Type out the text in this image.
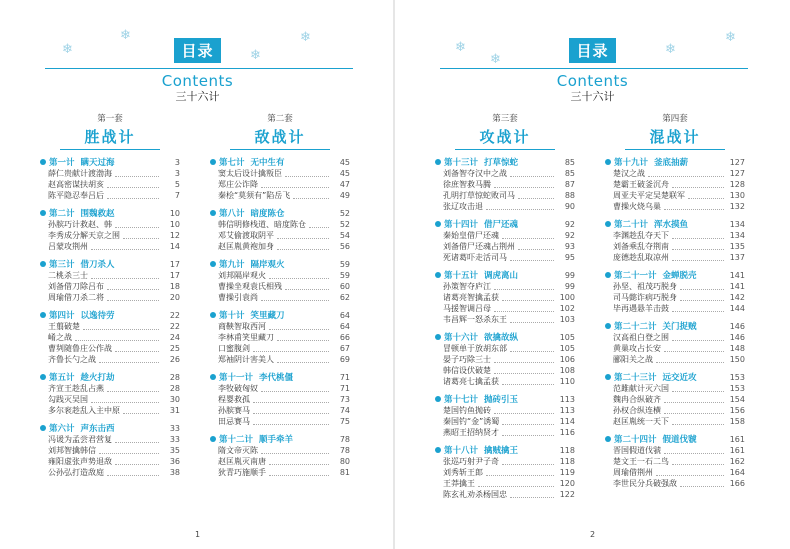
目录
Contents
三十六计
❄
❄
❄
❄
第一套
胜战计
第一计 瞒天过海	3
薛仁贵献计渡渤海	3
赵高密谋扶胡亥	5
陈平隐忍奉吕后	7
第二计 围魏救赵	10
孙膑巧计救赵、韩	10
李秀成分解天京之围	12
吕蒙攻荆州	14
第三计 借刀杀人	17
二桃杀三士	17
刘备借刀除吕布	18
周瑜借刀杀二将	20
第四计 以逸待劳	22
王翦破楚	22
崤之战	24
曹刿随鲁庄公作战	25
齐鲁长勺之战	26
第五计 趁火打劫	28
齐宣王趁乱占燕	28
勾践灭吴国	30
多尔衮趁乱入主中原	31
第六计 声东击西	33
冯谖为孟尝君营复	33
刘邦智擒韩信	35
雍阳虚张声势退敌	36
公孙弘打造敌庭	38
第二套
敌战计
第七计 无中生有	45
窦太后设计擒叛臣	45
郑庄公诈降	47
秦桧“莫须有”陷岳飞	49
第八计 暗度陈仓	52
韩信明修栈道、暗度陈仓	52
邓艾偷渡取阴平	54
赵匡胤黄袍加身	56
第九计 隔岸观火	59
刘邦隔岸观火	59
曹操坐观袁氏相残	60
曹操引袁尚	62
第十计 笑里藏刀	64
商鞅智取西河	64
李林甫笑里藏刀	66
口蜜腹剑	67
郑袖阴计害美人	69
第十一计 李代桃僵	71
李牧破匈奴	71
程婴救孤	73
孙膑赛马	74
田忌赛马	75
第十二计 顺手牵羊	78
隋文帝灭陈	78
赵匡胤灭南唐	80
狄青巧施顺手	81
1
目录
Contents
三十六计
❄
❄
❄
❄
第三套
攻战计
第十三计 打草惊蛇	85
刘备智夺汉中之战	85
徐庶智救马腾	87
孔明打草惊蛇败司马	88
张辽攻击退	90
第十四计 借尸还魂	92
秦始皇借尸还魂	92
刘备借尸还魂占荆州	93
死诸葛吓走活司马	95
第十五计 调虎离山	99
孙策智夺庐江	99
诸葛亮智擒孟获	100
马援智调吕母	102
韦昌辉一怒杀东王	103
第十六计 欲擒故纵	105
冒顿单于放胡东部	105
晏子巧除三士	106
韩信设伏破楚	108
诸葛亮七擒孟获	110
第十七计 抛砖引玉	113
楚国钓鱼抛砖	113
秦国钓“金”诱蜀	114
燕昭王招纳贤才	116
第十八计 擒贼擒王	118
张巡巧射尹子奇	118
刘秀斩王郎	119
王莽擒王	120
陈玄礼劝杀杨国忠	122
第四套
混战计
第十九计 釜底抽薪	127
楚汉之战	127
楚霸王破釜沉舟	128
周亚夫平定吴楚联军	130
曹操火烧乌巢	132
第二十计 浑水摸鱼	134
李渊趁乱夺天下	134
刘备乘乱夺荆南	135
庞德趁乱取凉州	137
第二十一计 金蝉脱壳	141
孙坚、祖茂巧脱身	141
司马懿诈病巧脱身	142
毕再遇悬羊击鼓	144
第二十二计 关门捉贼	146
汉高祖白登之围	146
黄巢攻占长安	148
郦阳关之战	150
第二十三计 远交近攻	153
范雎献计灭六国	153
魏冉合纵破齐	154
孙权合纵连横	156
赵匡胤统一天下	158
第二十四计 假道伐虢	161
晋国假道伐虢	161
楚文王一石二鸟	162
周瑜借荆州	164
李世民分兵破强敌	166
2
